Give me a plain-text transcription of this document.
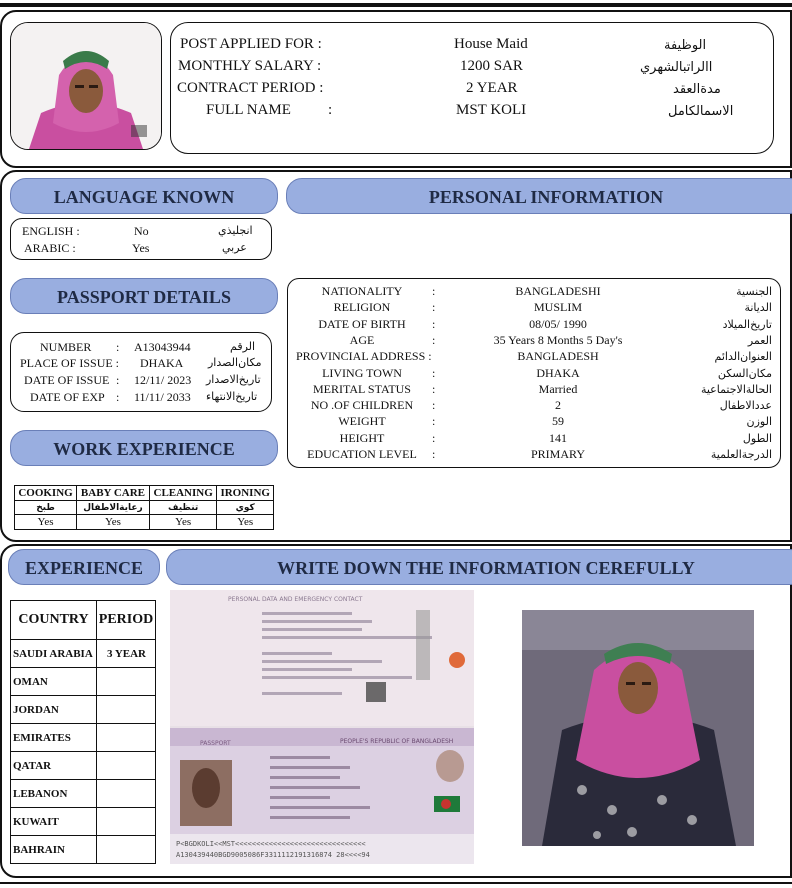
POST APPLIED FOR :	House Maid	الوظيفة
MONTHLY SALARY :	1200 SAR	االراتبالشهري
CONTRACT PERIOD :	2 YEAR	مدةالعقد
FULL NAME :	MST KOLI	الاسمالكامل
LANGUAGE KNOWN	PERSONAL INFORMATION
ENGLISH :	No	انجليذي
ARABIC :	Yes	عربي
PASSPORT DETAILS
NUMBER : A13043944	الرقم
PLACE OF ISSUE : DHAKA مكان‌الصدار
DATE OF ISSUE : 12/11/ 2023 تاريخ‌الاصدار
DATE OF EXP : 11/11/ 2033 تاريخ‌الانتهاء
WORK EXPERIENCE
COOKING	BABY CARE	CLEANING	IRONING
طبخ	رعاية‌الاطفال	تنظيف	كوي
Yes	Yes	Yes	Yes
NATIONALITY	:	BANGLADESHI	الجنسية
RELIGION	:	MUSLIM	الديانة
DATE OF BIRTH	:	08/05/ 1990	تاريخ‌الميلاد
AGE	:	35 Years 8 Months 5 Day's	العمر
PROVINCIAL ADDRESS :	BANGLADESH	العنوان‌الدائم
LIVING TOWN	:	DHAKA	مكان‌السكن
MERITAL STATUS	:	Married	الحالةالاجتماعية
NO .OF CHILDREN	:	2	عددالاطفال
WEIGHT	:	59	الوزن
HEIGHT	:	141	الطول
EDUCATION LEVEL	:	PRIMARY	الدرجةالعلمية
EXPERIENCE	WRITE DOWN THE INFORMATION CEREFULLY
COUNTRY	PERIOD
SAUDI ARABIA	3 YEAR
OMAN	
JORDAN	
EMIRATES	
QATAR	
LEBANON	
KUWAIT	
BAHRAIN	
PERSONAL DATA AND EMERGENCY CONTACT
PASSPORT	PEOPLE'S REPUBLIC OF BANGLADESH
P<BGDKOLI<<MST<<<<<<<<<<<<<<<<<<<<<<<<<<<<<<<
A130439440BGD9005086F3311112191316874 28<<<<94
